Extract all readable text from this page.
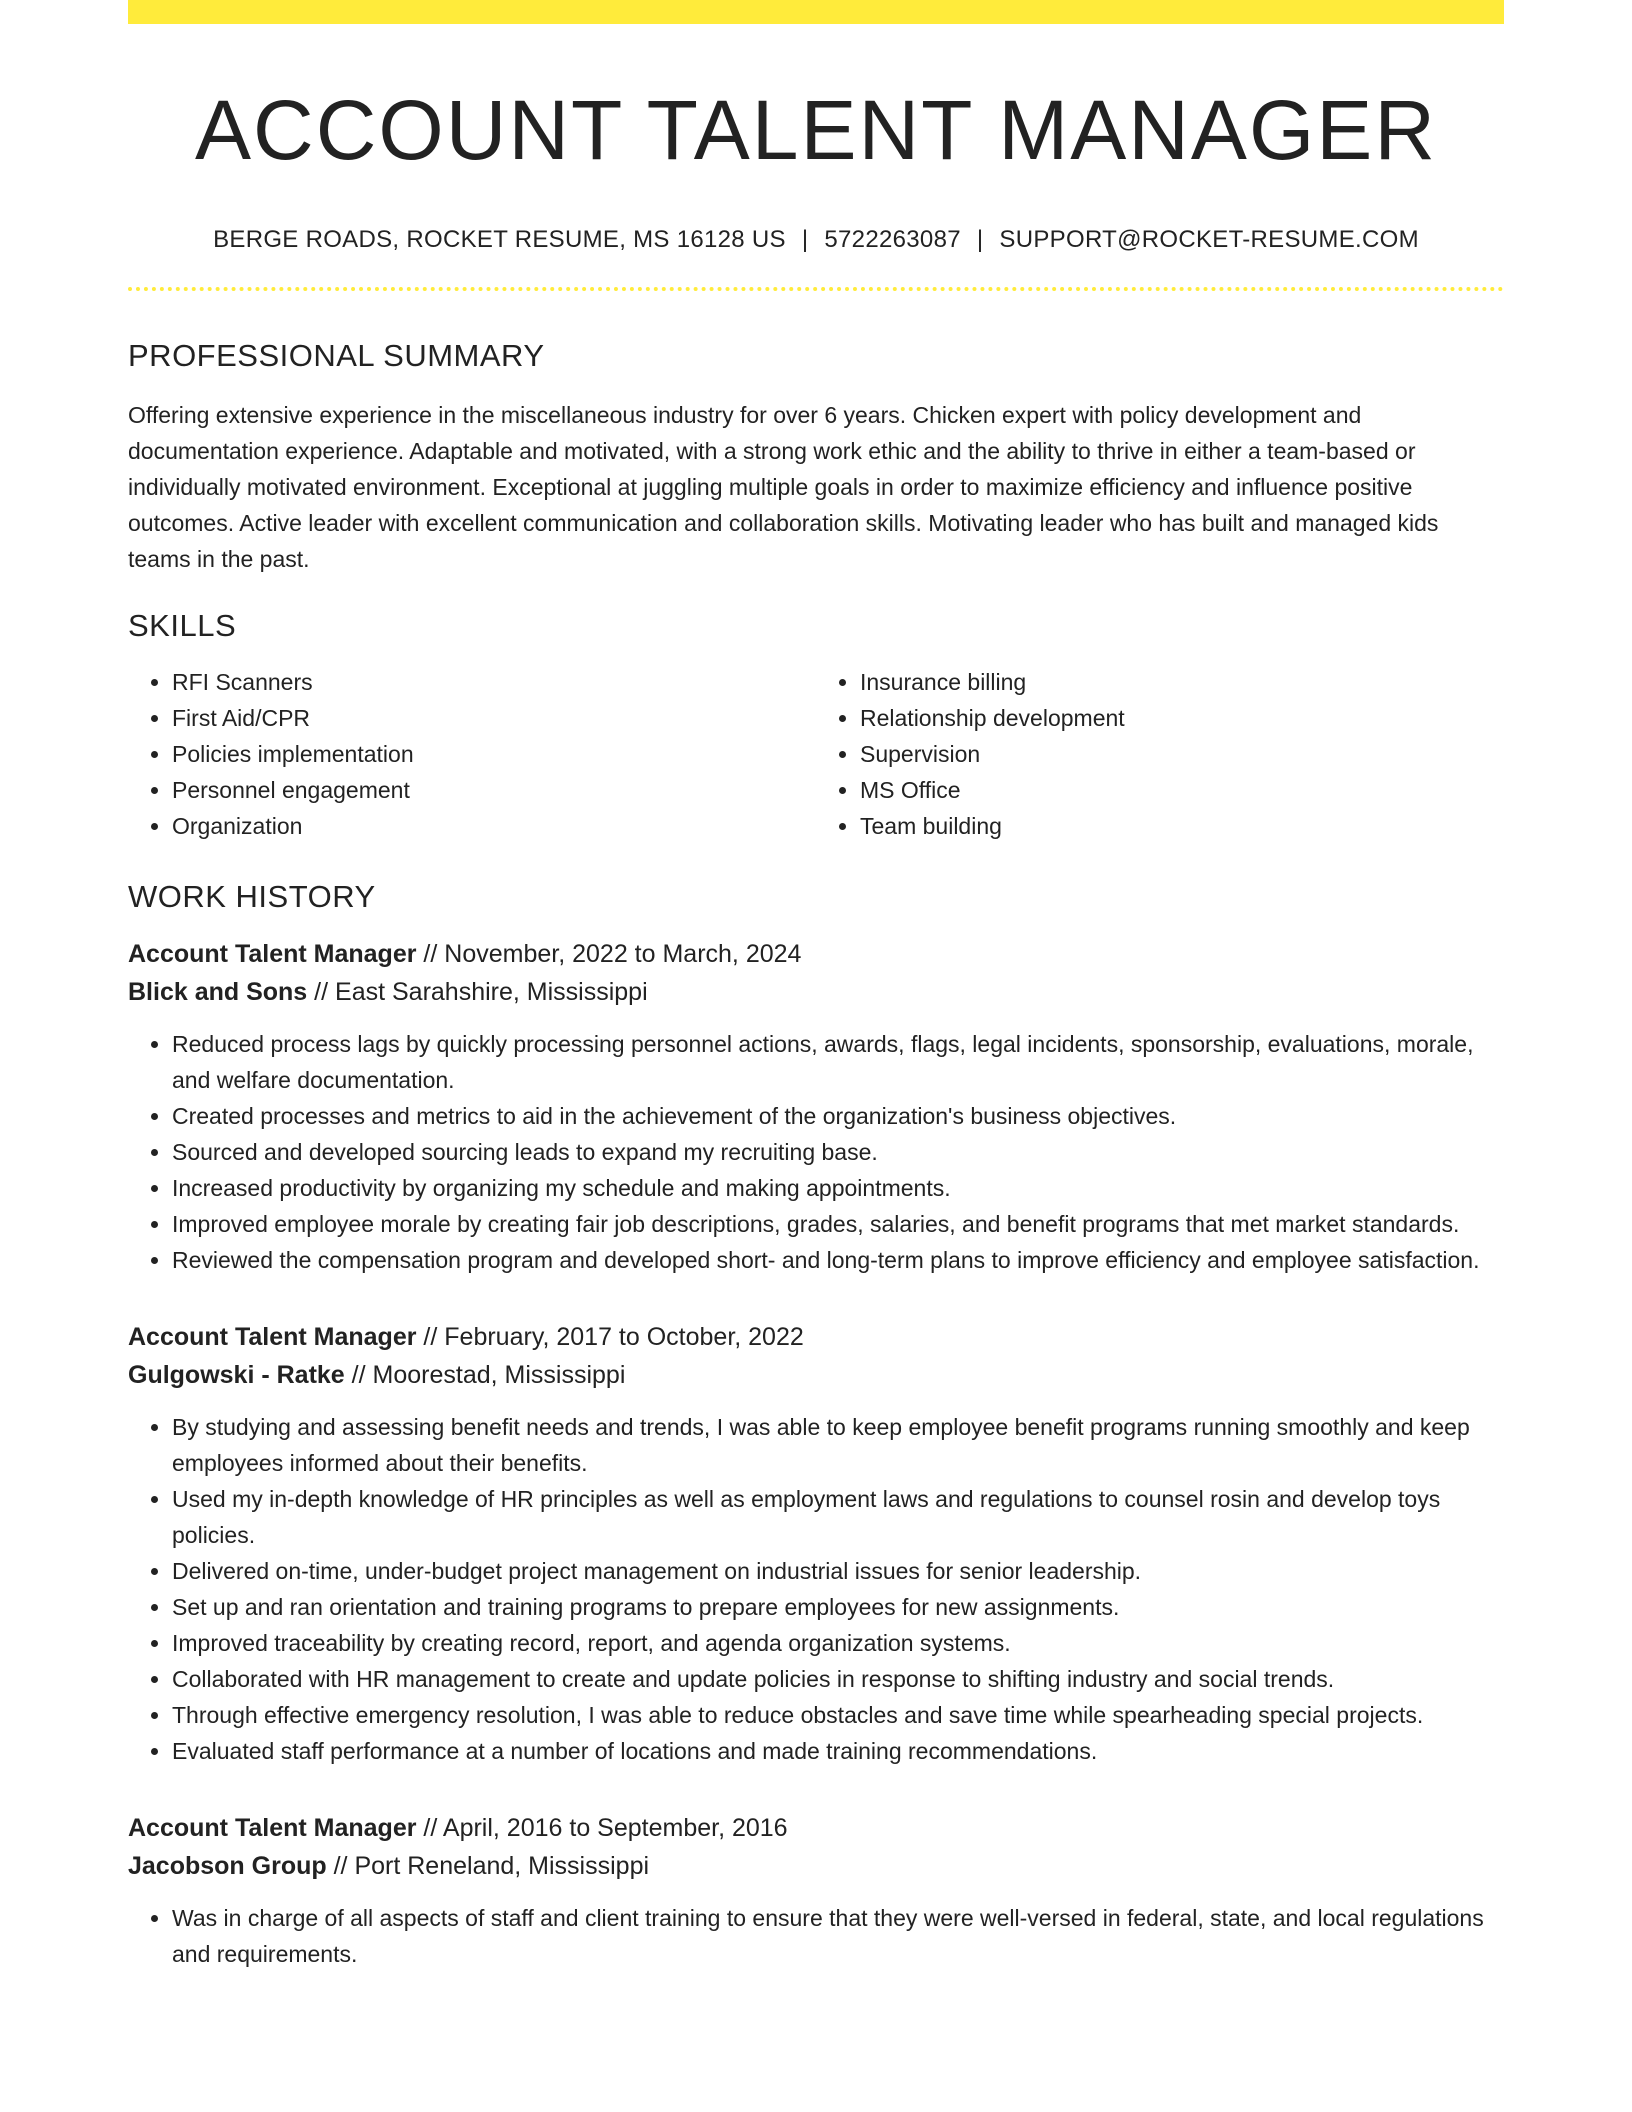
ACCOUNT TALENT MANAGER
BERGE ROADS, ROCKET RESUME, MS 16128 US | 5722263087 | SUPPORT@ROCKET-RESUME.COM
PROFESSIONAL SUMMARY

Offering extensive experience in the miscellaneous industry for over 6 years. Chicken expert with policy development and documentation experience. Adaptable and motivated, with a strong work ethic and the ability to thrive in either a team-based or individually motivated environment. Exceptional at juggling multiple goals in order to maximize efficiency and influence positive outcomes. Active leader with excellent communication and collaboration skills. Motivating leader who has built and managed kids teams in the past.

SKILLS
• RFI Scanners
• First Aid/CPR
• Policies implementation
• Personnel engagement
• Organization
• Insurance billing
• Relationship development
• Supervision
• MS Office
• Team building
WORK HISTORY
Account Talent Manager // November, 2022 to March, 2024
Blick and Sons // East Sarahshire, Mississippi
• Reduced process lags by quickly processing personnel actions, awards, flags, legal incidents, sponsorship, evaluations, morale, and welfare documentation.
• Created processes and metrics to aid in the achievement of the organization's business objectives.
• Sourced and developed sourcing leads to expand my recruiting base.
• Increased productivity by organizing my schedule and making appointments.
• Improved employee morale by creating fair job descriptions, grades, salaries, and benefit programs that met market standards.
• Reviewed the compensation program and developed short- and long-term plans to improve efficiency and employee satisfaction.
Account Talent Manager // February, 2017 to October, 2022
Gulgowski - Ratke // Moorestad, Mississippi
• By studying and assessing benefit needs and trends, I was able to keep employee benefit programs running smoothly and keep employees informed about their benefits.
• Used my in-depth knowledge of HR principles as well as employment laws and regulations to counsel rosin and develop toys policies.
• Delivered on-time, under-budget project management on industrial issues for senior leadership.
• Set up and ran orientation and training programs to prepare employees for new assignments.
• Improved traceability by creating record, report, and agenda organization systems.
• Collaborated with HR management to create and update policies in response to shifting industry and social trends.
• Through effective emergency resolution, I was able to reduce obstacles and save time while spearheading special projects.
• Evaluated staff performance at a number of locations and made training recommendations.
Account Talent Manager // April, 2016 to September, 2016
Jacobson Group // Port Reneland, Mississippi
• Was in charge of all aspects of staff and client training to ensure that they were well-versed in federal, state, and local regulations and requirements.
